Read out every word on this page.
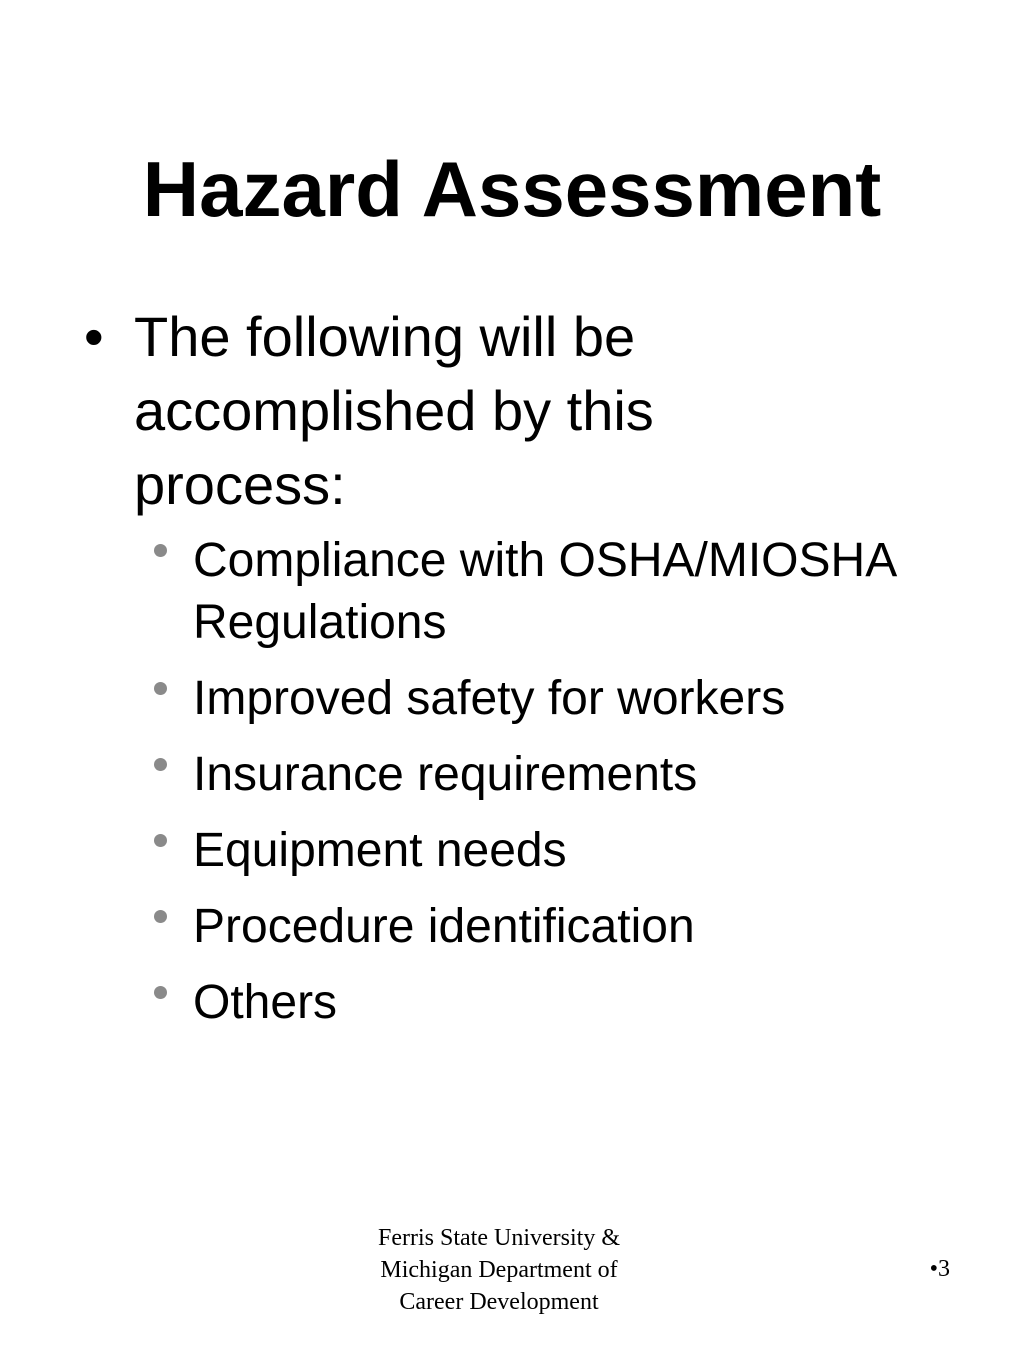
Hazard Assessment
• The following will be accomplished by this process:
Compliance with OSHA/MIOSHA Regulations
Improved safety for workers
Insurance requirements
Equipment needs
Procedure identification
Others
Ferris State University & Michigan Department of Career Development
•3
